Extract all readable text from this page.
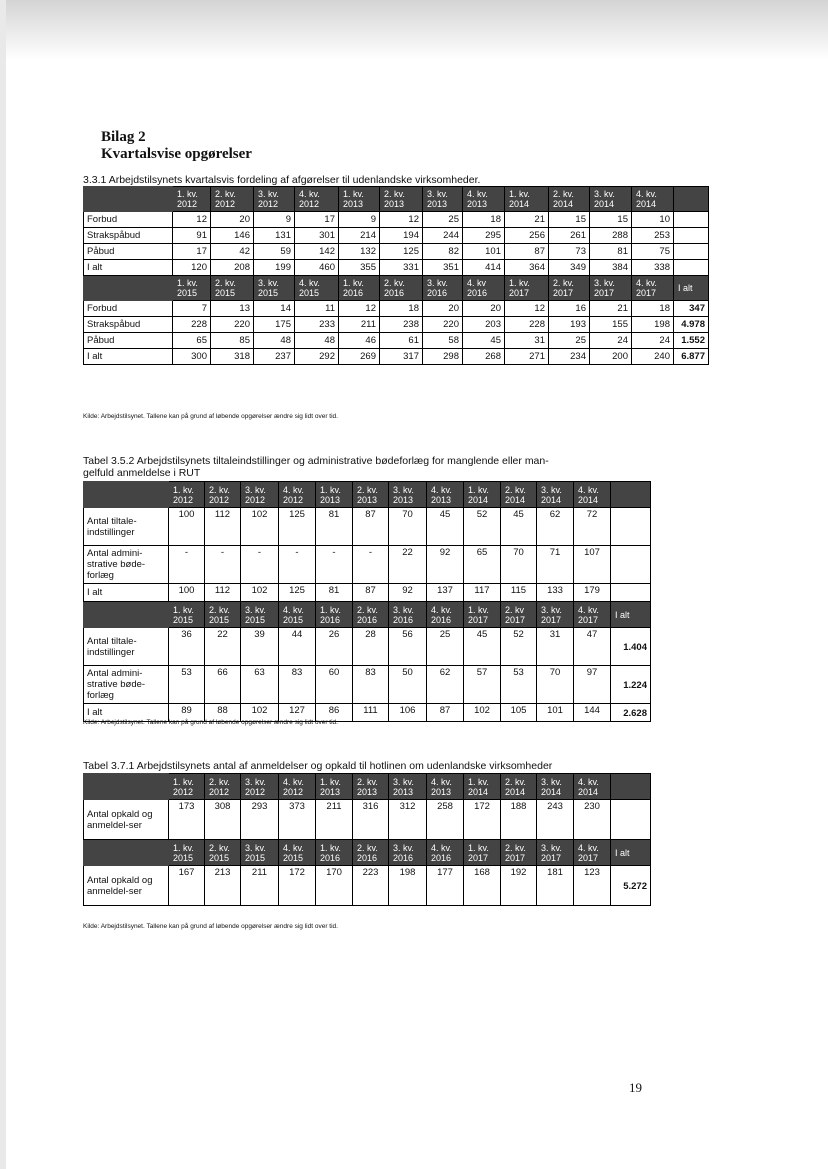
Bilag 2
Kvartalsvise opgørelser
3.3.1 Arbejdstilsynets kvartalsvis fordeling af afgørelser til udenlandske virksomheder.
	1. kv. 2012	2. kv. 2012	3. kv. 2012	4. kv. 2012	1. kv. 2013	2. kv. 2013	3. kv. 2013	4. kv. 2013	1. kv. 2014	2. kv. 2014	3. kv. 2014	4. kv. 2014	
Forbud	12	20	9	17	9	12	25	18	21	15	15	10	
Strakspåbud	91	146	131	301	214	194	244	295	256	261	288	253	
Påbud	17	42	59	142	132	125	82	101	87	73	81	75	
I alt	120	208	199	460	355	331	351	414	364	349	384	338	
	1. kv. 2015	2. kv. 2015	3. kv. 2015	4. kv. 2015	1. kv. 2016	2. kv. 2016	3. kv. 2016	4. kv 2016	1. kv. 2017	2. kv. 2017	3. kv. 2017	4. kv. 2017	I alt
Forbud	7	13	14	11	12	18	20	20	12	16	21	18	347
Strakspåbud	228	220	175	233	211	238	220	203	228	193	155	198	4.978
Påbud	65	85	48	48	46	61	58	45	31	25	24	24	1.552
I alt	300	318	237	292	269	317	298	268	271	234	200	240	6.877
Kilde: Arbejdstilsynet. Tallene kan på grund af løbende opgørelser ændre sig lidt over tid.
Tabel 3.5.2 Arbejdstilsynets tiltaleindstillinger og administrative bødeforlæg for manglende eller man-
gelfuld anmeldelse i RUT
	1. kv. 2012	2. kv. 2012	3. kv. 2012	4. kv. 2012	1. kv. 2013	2. kv. 2013	3. kv. 2013	4. kv. 2013	1. kv. 2014	2. kv. 2014	3. kv. 2014	4. kv. 2014	
Antal tiltale-indstillinger	100	112	102	125	81	87	70	45	52	45	62	72	
Antal admini-strative bøde-forlæg	-	-	-	-	-	-	22	92	65	70	71	107	
I alt	100	112	102	125	81	87	92	137	117	115	133	179	
	1. kv. 2015	2. kv. 2015	3. kv. 2015	4. kv. 2015	1. kv. 2016	2. kv. 2016	3. kv. 2016	4. kv. 2016	1. kv. 2017	2. kv 2017	3. kv. 2017	4. kv. 2017	I alt
Antal tiltale-indstillinger	36	22	39	44	26	28	56	25	45	52	31	47	1.404
Antal admini-strative bøde-forlæg	53	66	63	83	60	83	50	62	57	53	70	97	1.224
I alt	89	88	102	127	86	111	106	87	102	105	101	144	2.628
Kilde: Arbejdstilsynet. Tallene kan på grund af løbende opgørelser ændre sig lidt over tid.
Tabel 3.7.1 Arbejdstilsynets antal af anmeldelser og opkald til hotlinen om udenlandske virksomheder
	1. kv. 2012	2. kv. 2012	3. kv. 2012	4. kv. 2012	1. kv. 2013	2. kv. 2013	3. kv. 2013	4. kv. 2013	1. kv. 2014	2. kv. 2014	3. kv. 2014	4. kv. 2014	
Antal opkald og anmeldel-ser	173	308	293	373	211	316	312	258	172	188	243	230	
	1. kv. 2015	2. kv. 2015	3. kv. 2015	4. kv. 2015	1. kv. 2016	2. kv. 2016	3. kv. 2016	4. kv. 2016	1. kv. 2017	2. kv. 2017	3. kv. 2017	4. kv. 2017	I alt
Antal opkald og anmeldel-ser	167	213	211	172	170	223	198	177	168	192	181	123	5.272
Kilde: Arbejdstilsynet. Tallene kan på grund af løbende opgørelser ændre sig lidt over tid.
19
